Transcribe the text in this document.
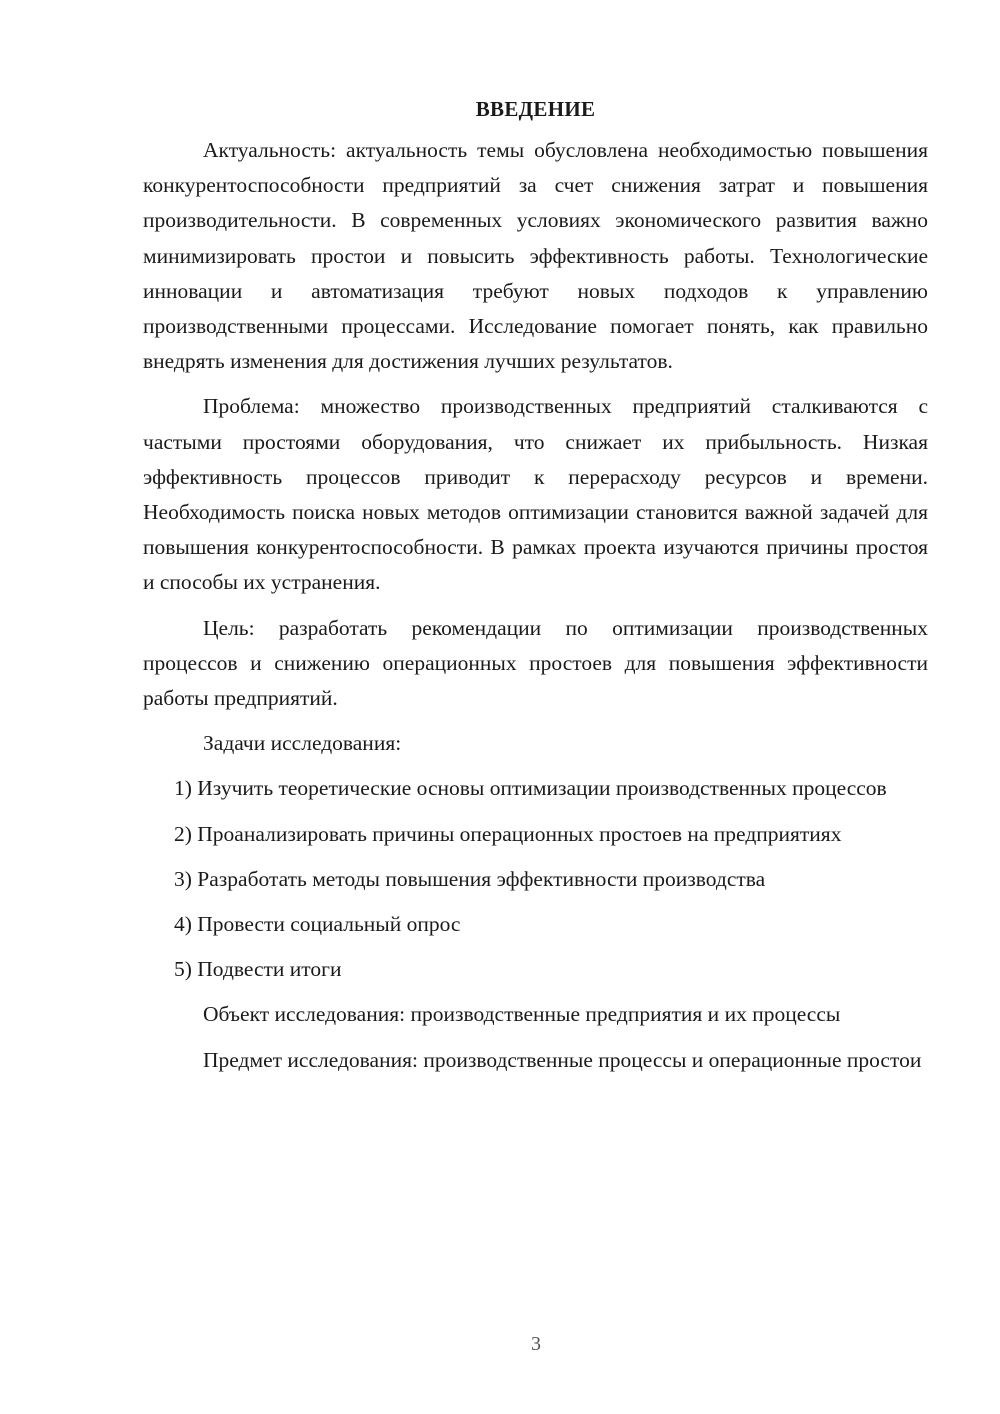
ВВЕДЕНИЕ

Актуальность: актуальность темы обусловлена необходимостью повышения конкурентоспособности предприятий за счет снижения затрат и повышения производительности. В современных условиях экономического развития важно минимизировать простои и повысить эффективность работы. Технологические инновации и автоматизация требуют новых подходов к управлению производственными процессами. Исследование помогает понять, как правильно внедрять изменения для достижения лучших результатов.

Проблема: множество производственных предприятий сталкиваются с частыми простоями оборудования, что снижает их прибыльность. Низкая эффективность процессов приводит к перерасходу ресурсов и времени. Необходимость поиска новых методов оптимизации становится важной задачей для повышения конкурентоспособности. В рамках проекта изучаются причины простоя и способы их устранения.

Цель: разработать рекомендации по оптимизации производственных процессов и снижению операционных простоев для повышения эффективности работы предприятий.

Задачи исследования:

1) Изучить теоретические основы оптимизации производственных процессов

2) Проанализировать причины операционных простоев на предприятиях

3) Разработать методы повышения эффективности производства

4) Провести социальный опрос

5) Подвести итоги

Объект исследования: производственные предприятия и их процессы

Предмет исследования: производственные процессы и операционные простои

3
